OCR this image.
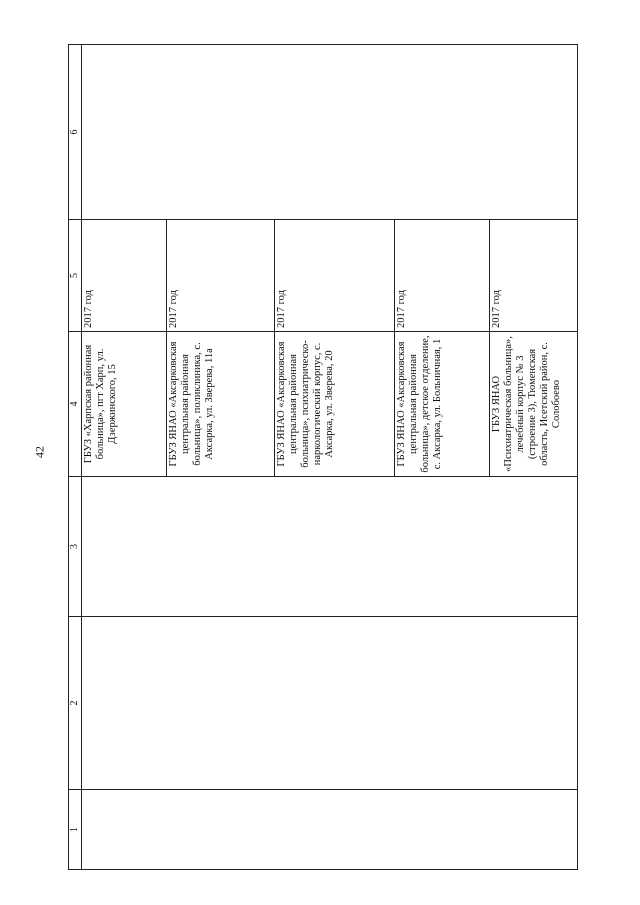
42
1	2	3	4	5	6
			ГБУЗ «Харпская районная больница», пгт Харп, ул. Дзержинского, 15	2017 год	
			ГБУЗ ЯНАО «Аксарковская центральная районная больница», поликлиника, с. Аксарка, ул. Зверева, 11а	2017 год	
			ГБУЗ ЯНАО «Аксарковская центральная районная больница», психиатрическо-наркологический корпус, с. Аксарка, ул. Зверева, 20	2017 год	
			ГБУЗ ЯНАО «Аксарковская центральная районная больница», детское отделение, с. Аксарка, ул. Больничная, 1	2017 год	
			ГБУЗ ЯНАО «Психиатрическая больница», лечебный корпус № 3 (строение 3), Тюменская область, Исетский район, с. Солобоево	2017 год	
